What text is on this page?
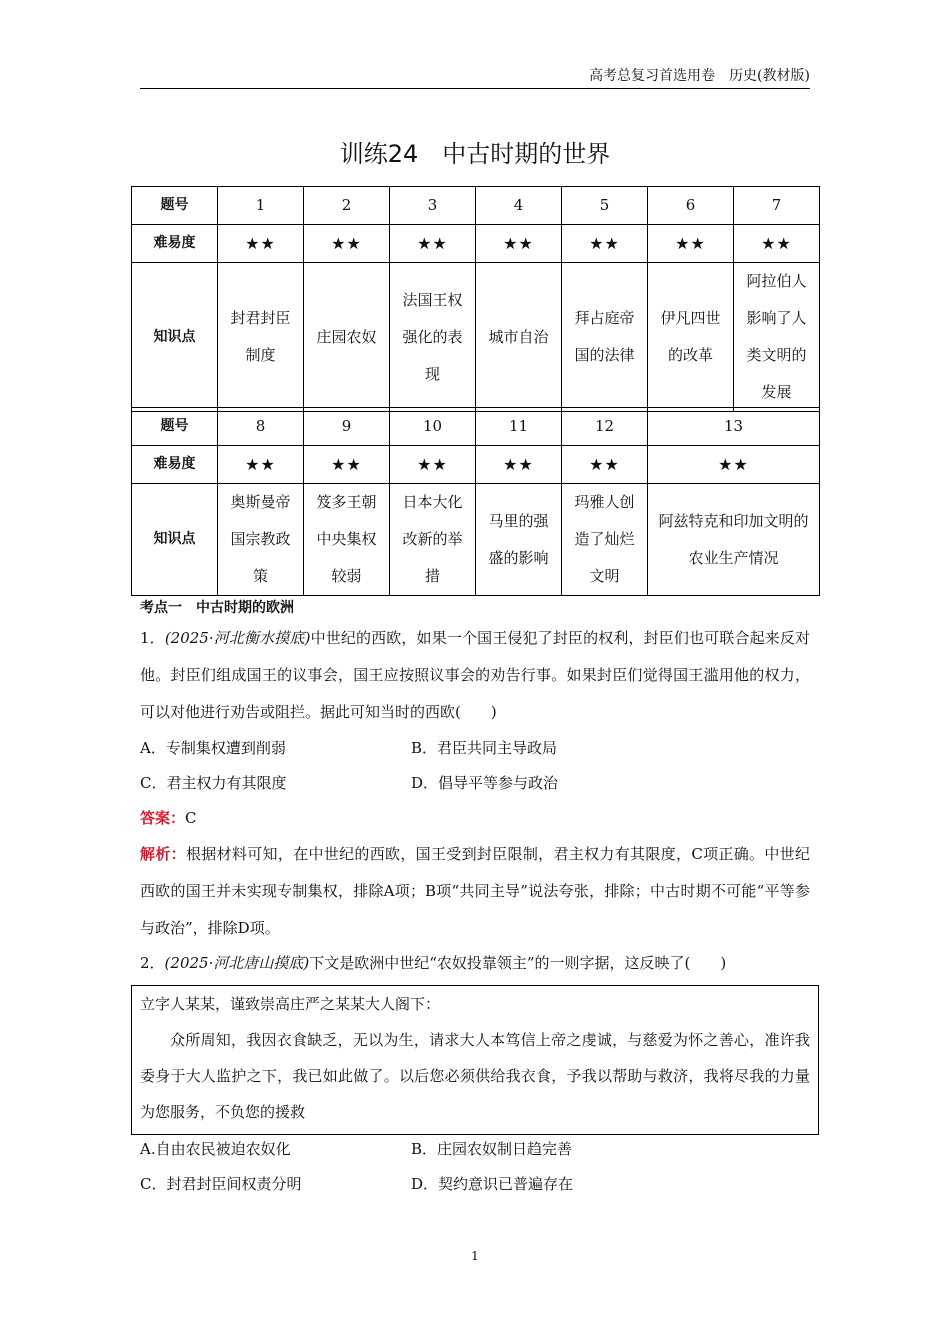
高考总复习首选用卷　历史(教材版)
训练24　中古时期的世界
题号	1	2	3	4	5	6	7
难易度	★★	★★	★★	★★	★★	★★	★★
知识点	封君封臣制度	庄园农奴	法国王权强化的表现	城市自治	拜占庭帝国的法律	伊凡四世的改革	阿拉伯人影响了人类文明的发展
题号	8	9	10	11	12	13
难易度	★★	★★	★★	★★	★★	★★
知识点	奥斯曼帝国宗教政策	笈多王朝中央集权较弱	日本大化改新的举措	马里的强盛的影响	玛雅人创造了灿烂文明	阿兹特克和印加文明的农业生产情况
考点一　中古时期的欧洲
1．(2025·河北衡水摸底)中世纪的西欧，如果一个国王侵犯了封臣的权利，封臣们也可联合起来反对他。封臣们组成国王的议事会，国王应按照议事会的劝告行事。如果封臣们觉得国王滥用他的权力，可以对他进行劝告或阻拦。据此可知当时的西欧(　　)
A．专制集权遭到削弱	B．君臣共同主导政局
C．君主权力有其限度	D．倡导平等参与政治
答案：C
解析：根据材料可知，在中世纪的西欧，国王受到封臣限制，君主权力有其限度，C项正确。中世纪西欧的国王并未实现专制集权，排除A项；B项“共同主导”说法夸张，排除；中古时期不可能“平等参与政治”，排除D项。
2．(2025·河北唐山摸底)下文是欧洲中世纪“农奴投靠领主”的一则字据，这反映了(　　)

立字人某某，谨致崇高庄严之某某大人阁下：

众所周知，我因衣食缺乏，无以为生，请求大人本笃信上帝之虔诚，与慈爱为怀之善心，准许我委身于大人监护之下，我已如此做了。以后您必须供给我衣食，予我以帮助与救济，我将尽我的力量为您服务，不负您的援救

A.自由农民被迫农奴化	B．庄园农奴制日趋完善
C．封君封臣间权责分明	D．契约意识已普遍存在
1
